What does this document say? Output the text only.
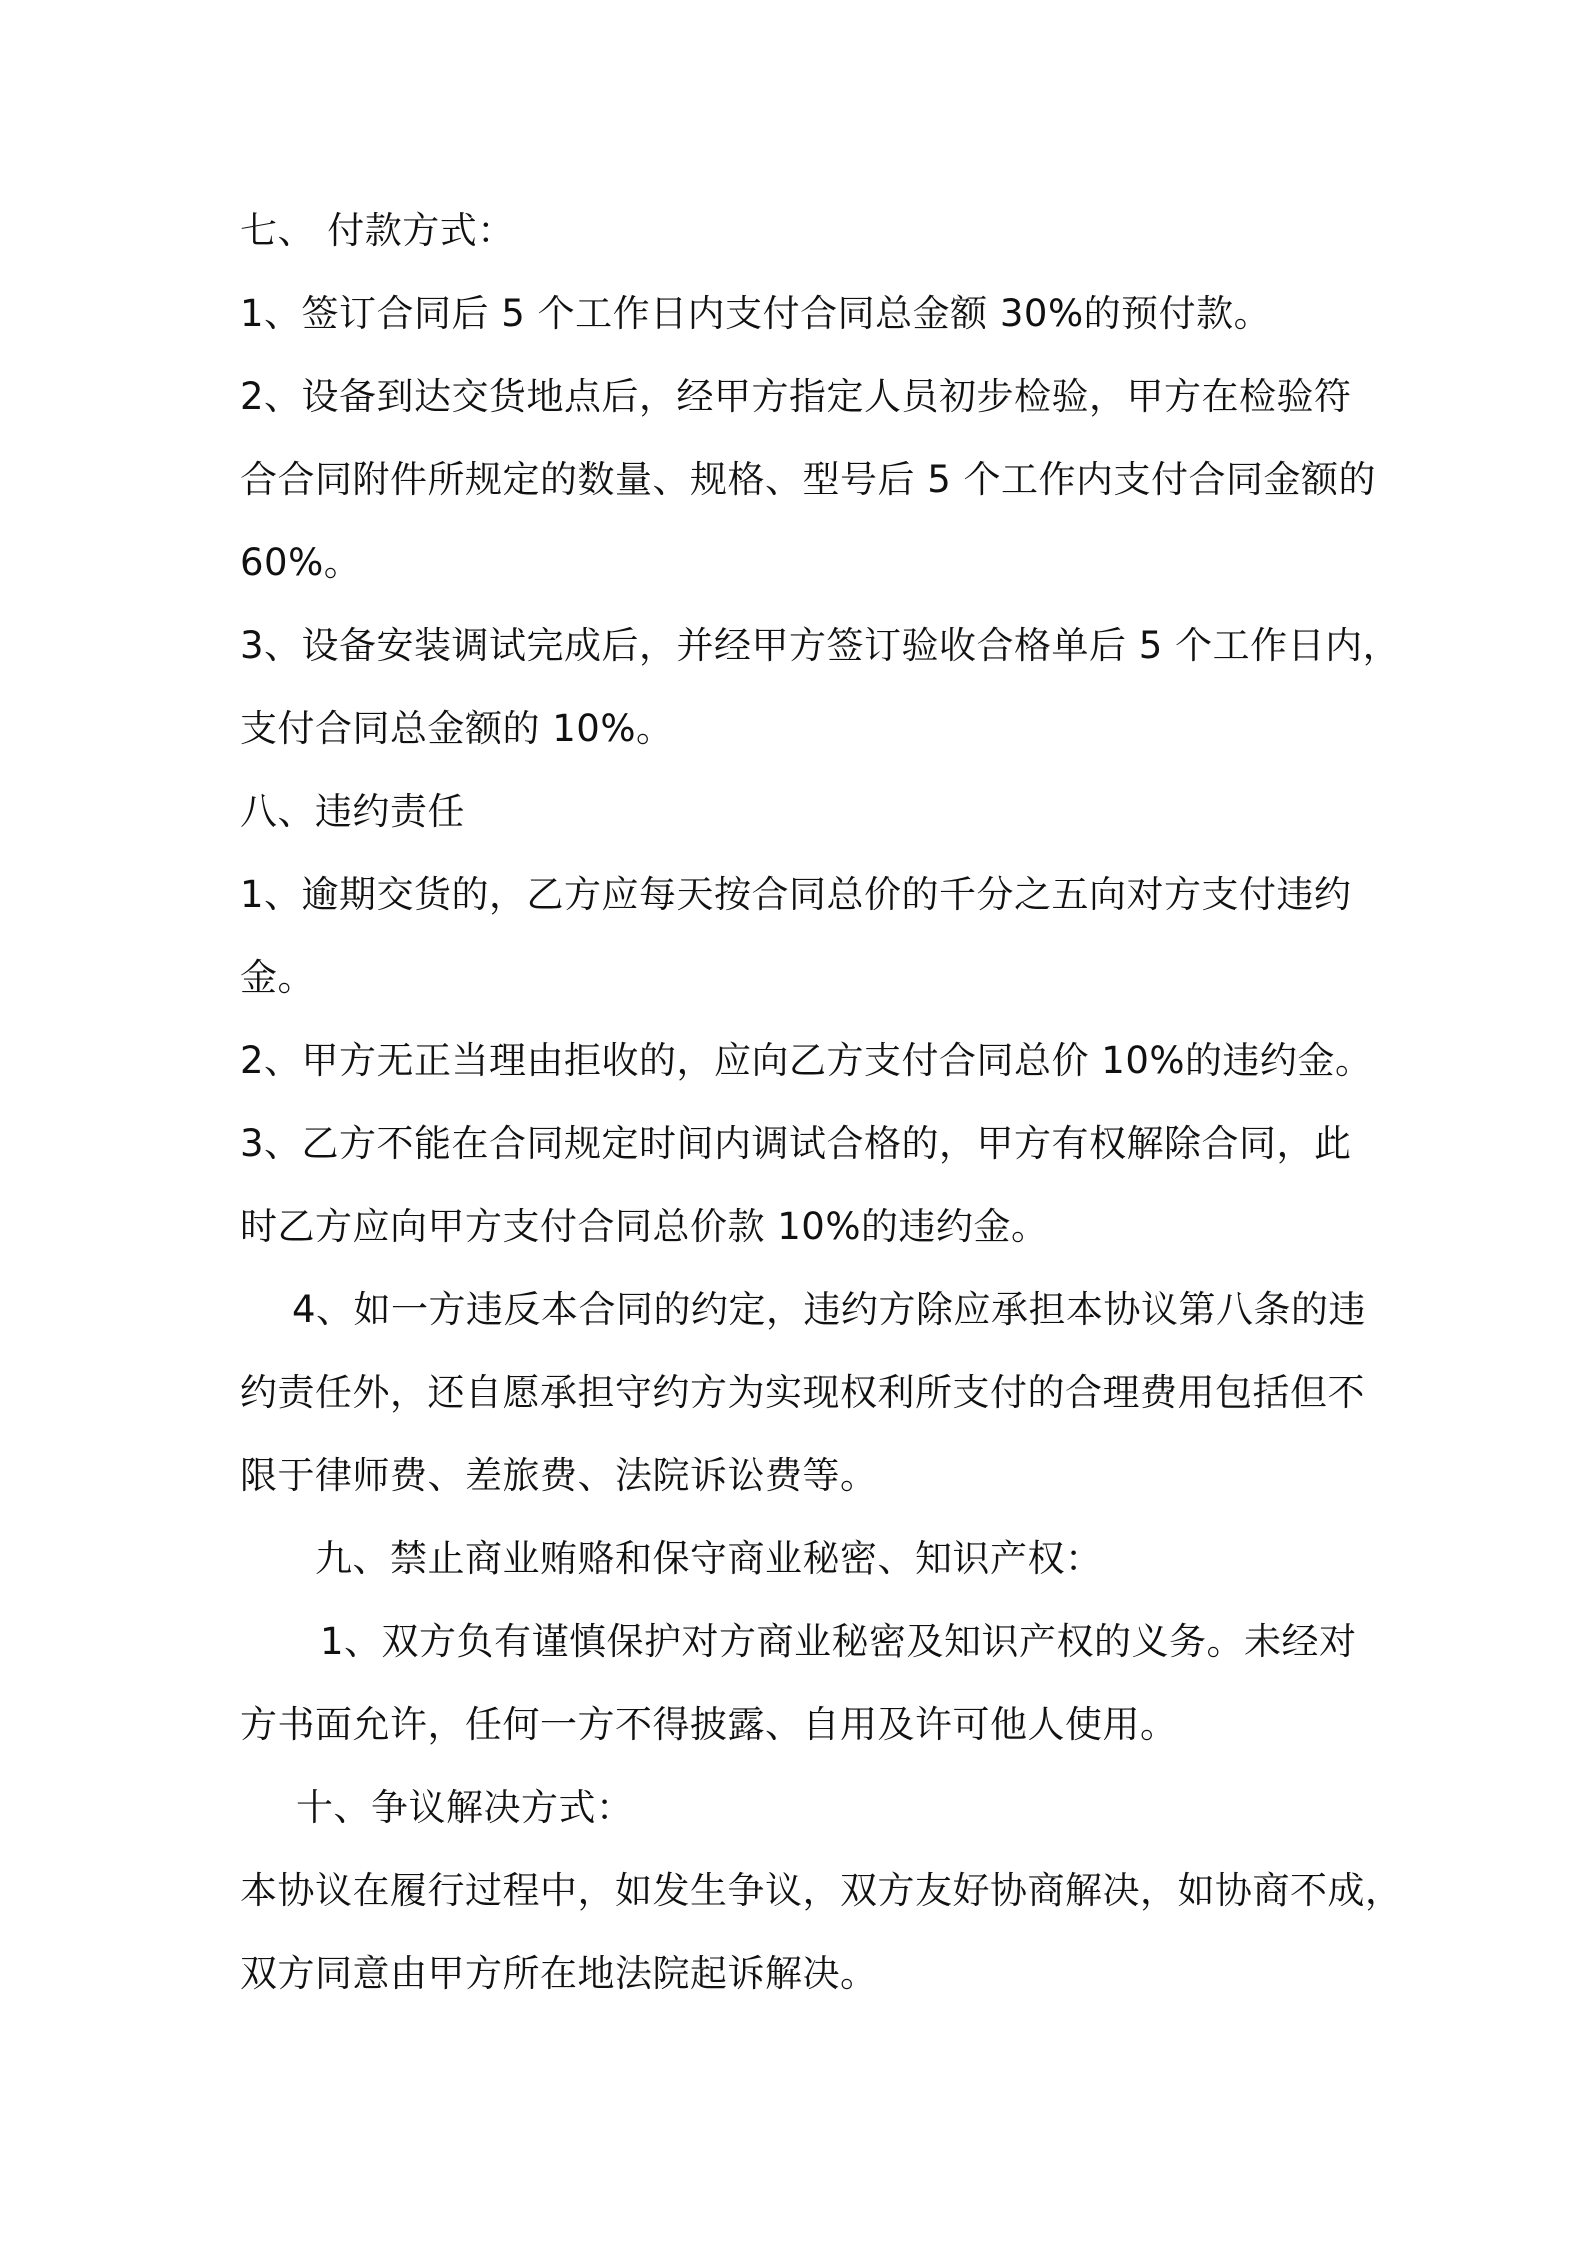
七、 付款方式：
1、签订合同后 5 个工作日内支付合同总金额 30%的预付款。
2、设备到达交货地点后，经甲方指定人员初步检验，甲方在检验符
合合同附件所规定的数量、规格、型号后 5 个工作内支付合同金额的
60%。
3、设备安装调试完成后，并经甲方签订验收合格单后 5 个工作日内，
支付合同总金额的 10%。
八、违约责任
1、逾期交货的，乙方应每天按合同总价的千分之五向对方支付违约
金。
2、甲方无正当理由拒收的，应向乙方支付合同总价 10%的违约金。
3、乙方不能在合同规定时间内调试合格的，甲方有权解除合同，此
时乙方应向甲方支付合同总价款 10%的违约金。
4、如一方违反本合同的约定，违约方除应承担本协议第八条的违
约责任外，还自愿承担守约方为实现权利所支付的合理费用包括但不
限于律师费、差旅费、法院诉讼费等。
九、禁止商业贿赂和保守商业秘密、知识产权：
1、双方负有谨慎保护对方商业秘密及知识产权的义务。未经对
方书面允许，任何一方不得披露、自用及许可他人使用。
十、争议解决方式：
本协议在履行过程中，如发生争议，双方友好协商解决，如协商不成，
双方同意由甲方所在地法院起诉解决。
